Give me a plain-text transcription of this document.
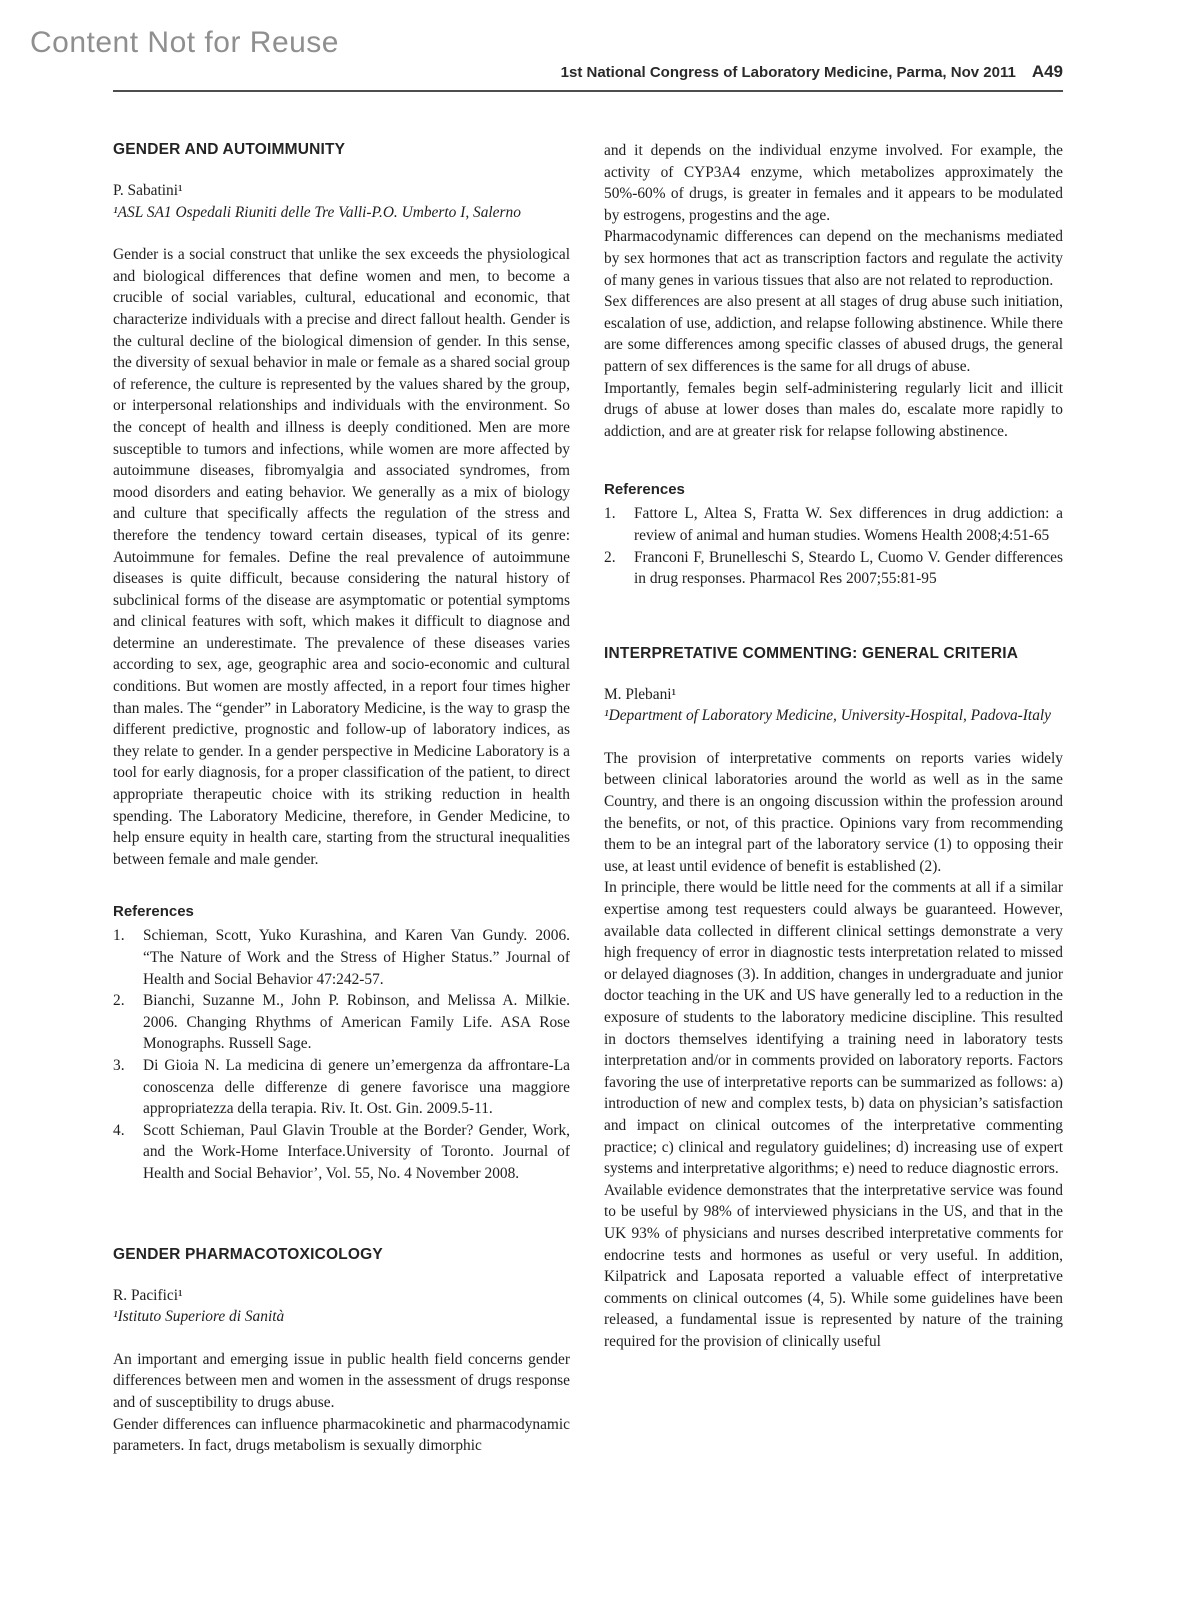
Content Not for Reuse
1st National Congress of Laboratory Medicine, Parma, Nov 2011 A49
GENDER AND AUTOIMMUNITY

P. Sabatini¹

¹ASL SA1 Ospedali Riuniti delle Tre Valli-P.O. Umberto I, Salerno

Gender is a social construct that unlike the sex exceeds the physiological and biological differences that define women and men, to become a crucible of social variables, cultural, educational and economic, that characterize individuals with a precise and direct fallout health. Gender is the cultural decline of the biological dimension of gender. In this sense, the diversity of sexual behavior in male or female as a shared social group of reference, the culture is represented by the values shared by the group, or interpersonal relationships and individuals with the environment. So the concept of health and illness is deeply conditioned. Men are more susceptible to tumors and infections, while women are more affected by autoimmune diseases, fibromyalgia and associated syndromes, from mood disorders and eating behavior. We generally as a mix of biology and culture that specifically affects the regulation of the stress and therefore the tendency toward certain diseases, typical of its genre: Autoimmune for females. Define the real prevalence of autoimmune diseases is quite difficult, because considering the natural history of subclinical forms of the disease are asymptomatic or potential symptoms and clinical features with soft, which makes it difficult to diagnose and determine an underestimate. The prevalence of these diseases varies according to sex, age, geographic area and socio-economic and cultural conditions. But women are mostly affected, in a report four times higher than males. The “gender” in Laboratory Medicine, is the way to grasp the different predictive, prognostic and follow-up of laboratory indices, as they relate to gender. In a gender perspective in Medicine Laboratory is a tool for early diagnosis, for a proper classification of the patient, to direct appropriate therapeutic choice with its striking reduction in health spending. The Laboratory Medicine, therefore, in Gender Medicine, to help ensure equity in health care, starting from the structural inequalities between female and male gender.

References
1.	Schieman, Scott, Yuko Kurashina, and Karen Van Gundy. 2006. “The Nature of Work and the Stress of Higher Status.” Journal of Health and Social Behavior 47:242-57.
2.	Bianchi, Suzanne M., John P. Robinson, and Melissa A. Milkie. 2006. Changing Rhythms of American Family Life. ASA Rose Monographs. Russell Sage.
3.	Di Gioia N. La medicina di genere un’emergenza da affrontare-La conoscenza delle differenze di genere favorisce una maggiore appropriatezza della terapia. Riv. It. Ost. Gin. 2009.5-11.
4.	Scott Schieman, Paul Glavin Trouble at the Border? Gender, Work, and the Work-Home Interface.University of Toronto. Journal of Health and Social Behavior’, Vol. 55, No. 4 November 2008.
GENDER PHARMACOTOXICOLOGY

R. Pacifici¹

¹Istituto Superiore di Sanità

An important and emerging issue in public health field concerns gender differences between men and women in the assessment of drugs response and of susceptibility to drugs abuse.

Gender differences can influence pharmacokinetic and pharmacodynamic parameters. In fact, drugs metabolism is sexually dimorphic

and it depends on the individual enzyme involved. For example, the activity of CYP3A4 enzyme, which metabolizes approximately the 50%-60% of drugs, is greater in females and it appears to be modulated by estrogens, progestins and the age.

Pharmacodynamic differences can depend on the mechanisms mediated by sex hormones that act as transcription factors and regulate the activity of many genes in various tissues that also are not related to reproduction.

Sex differences are also present at all stages of drug abuse such initiation, escalation of use, addiction, and relapse following abstinence. While there are some differences among specific classes of abused drugs, the general pattern of sex differences is the same for all drugs of abuse.

Importantly, females begin self-administering regularly licit and illicit drugs of abuse at lower doses than males do, escalate more rapidly to addiction, and are at greater risk for relapse following abstinence.

References
1.	Fattore L, Altea S, Fratta W. Sex differences in drug addiction: a review of animal and human studies. Womens Health 2008;4:51-65
2.	Franconi F, Brunelleschi S, Steardo L, Cuomo V. Gender differences in drug responses. Pharmacol Res 2007;55:81-95
INTERPRETATIVE COMMENTING: GENERAL CRITERIA

M. Plebani¹

¹Department of Laboratory Medicine, University-Hospital, Padova-Italy

The provision of interpretative comments on reports varies widely between clinical laboratories around the world as well as in the same Country, and there is an ongoing discussion within the profession around the benefits, or not, of this practice. Opinions vary from recommending them to be an integral part of the laboratory service (1) to opposing their use, at least until evidence of benefit is established (2).

In principle, there would be little need for the comments at all if a similar expertise among test requesters could always be guaranteed. However, available data collected in different clinical settings demonstrate a very high frequency of error in diagnostic tests interpretation related to missed or delayed diagnoses (3). In addition, changes in undergraduate and junior doctor teaching in the UK and US have generally led to a reduction in the exposure of students to the laboratory medicine discipline. This resulted in doctors themselves identifying a training need in laboratory tests interpretation and/or in comments provided on laboratory reports. Factors favoring the use of interpretative reports can be summarized as follows: a) introduction of new and complex tests, b) data on physician’s satisfaction and impact on clinical outcomes of the interpretative commenting practice; c) clinical and regulatory guidelines; d) increasing use of expert systems and interpretative algorithms; e) need to reduce diagnostic errors.

Available evidence demonstrates that the interpretative service was found to be useful by 98% of interviewed physicians in the US, and that in the UK 93% of physicians and nurses described interpretative comments for endocrine tests and hormones as useful or very useful. In addition, Kilpatrick and Laposata reported a valuable effect of interpretative comments on clinical outcomes (4, 5). While some guidelines have been released, a fundamental issue is represented by nature of the training required for the provision of clinically useful
